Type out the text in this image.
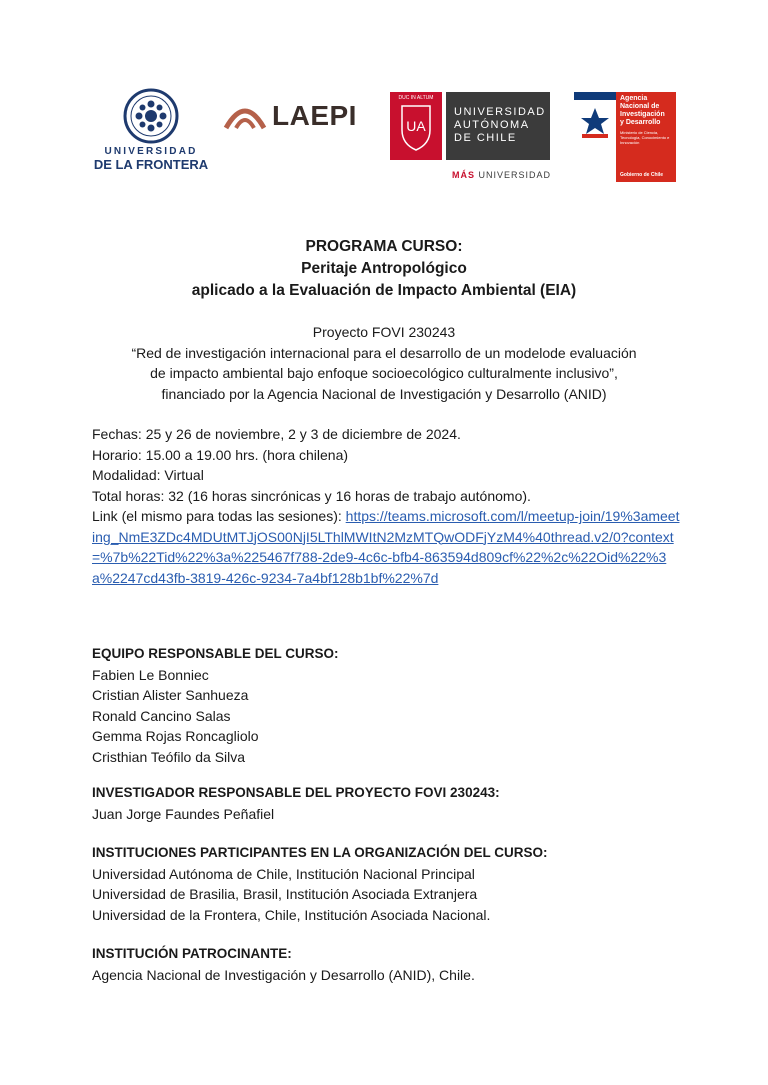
UNIVERSIDAD
DE LA FRONTERA
LAEPI
DUC IN ALTUM
UA
UNIVERSIDAD
AUTÓNOMA
DE CHILE
MÁS UNIVERSIDAD
Agencia
Nacional de
Investigación
y Desarrollo
Ministerio de Ciencia, Tecnología, Conocimiento e Innovación
Gobierno de Chile
PROGRAMA CURSO:
Peritaje Antropológico
aplicado a la Evaluación de Impacto Ambiental (EIA)
Proyecto FOVI 230243
“Red de investigación internacional para el desarrollo de un modelode evaluación
de impacto ambiental bajo enfoque socioecológico culturalmente inclusivo”,
financiado por la Agencia Nacional de Investigación y Desarrollo (ANID)
Fechas: 25 y 26 de noviembre, 2 y 3 de diciembre de 2024.
Horario: 15.00 a 19.00 hrs. (hora chilena)
Modalidad: Virtual
Total horas: 32 (16 horas sincrónicas y 16 horas de trabajo autónomo).
Link (el mismo para todas las sesiones): https://teams.microsoft.com/l/meetup-join/19%3ameeting_NmE3ZDc4MDUtMTJjOS00NjI5LThlMWItN2MzMTQwODFjYzM4%40thread.v2/0?context=%7b%22Tid%22%3a%225467f788-2de9-4c6c-bfb4-863594d809cf%22%2c%22Oid%22%3a%2247cd43fb-3819-426c-9234-7a4bf128b1bf%22%7d
EQUIPO RESPONSABLE DEL CURSO:
Fabien Le Bonniec
Cristian Alister Sanhueza
Ronald Cancino Salas
Gemma Rojas Roncagliolo
Cristhian Teófilo da Silva
INVESTIGADOR RESPONSABLE DEL PROYECTO FOVI 230243:
Juan Jorge Faundes Peñafiel
INSTITUCIONES PARTICIPANTES EN LA ORGANIZACIÓN DEL CURSO:
Universidad Autónoma de Chile, Institución Nacional Principal
Universidad de Brasilia, Brasil, Institución Asociada Extranjera
Universidad de la Frontera, Chile, Institución Asociada Nacional.
INSTITUCIÓN PATROCINANTE:
Agencia Nacional de Investigación y Desarrollo (ANID), Chile.
